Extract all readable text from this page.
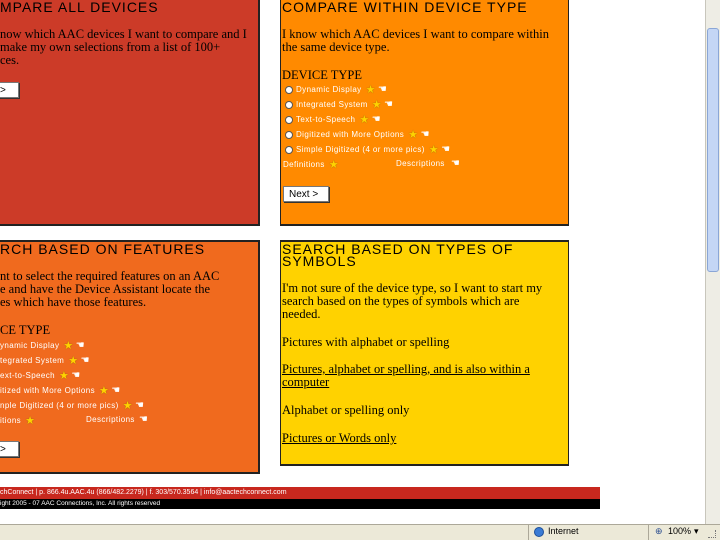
MPARE ALL DEVICES
now which AAC devices I want to compare and I
make my own selections from a list of 100+
ces.
>
COMPARE WITHIN DEVICE TYPE
I know which AAC devices I want to compare within
the same device type.
DEVICE TYPE
Dynamic Display ★ ☚
Integrated System ★ ☚
Text-to-Speech ★ ☚
Digitized with More Options ★ ☚
Simple Digitized (4 or more pics) ★ ☚
Definitions ★	Descriptions ☚
Next >
RCH BASED ON FEATURES
nt to select the required features on an AAC
e and have the Device Assistant locate the
es which have those features.
CE TYPE
ynamic Display ★ ☚
tegrated System ★ ☚
ext-to-Speech ★ ☚
itized with More Options ★ ☚
nple Digitized (4 or more pics) ★ ☚
itions ★	Descriptions ☚
>
SEARCH BASED ON TYPES OF
SYMBOLS
I'm not sure of the device type, so I want to start my
search based on the types of symbols which are
needed.
Pictures with alphabet or spelling
Pictures, alphabet or spelling, and is also within a
computer
Alphabet or spelling only
Pictures or Words only
chConnect | p. 866.4u.AAC.4u (866/482.2279) | f. 303/570.3564 | info@aactechconnect.com
ight 2005 - 07 AAC Connections, Inc. All rights reserved
Internet	⊕ 100% ▾
